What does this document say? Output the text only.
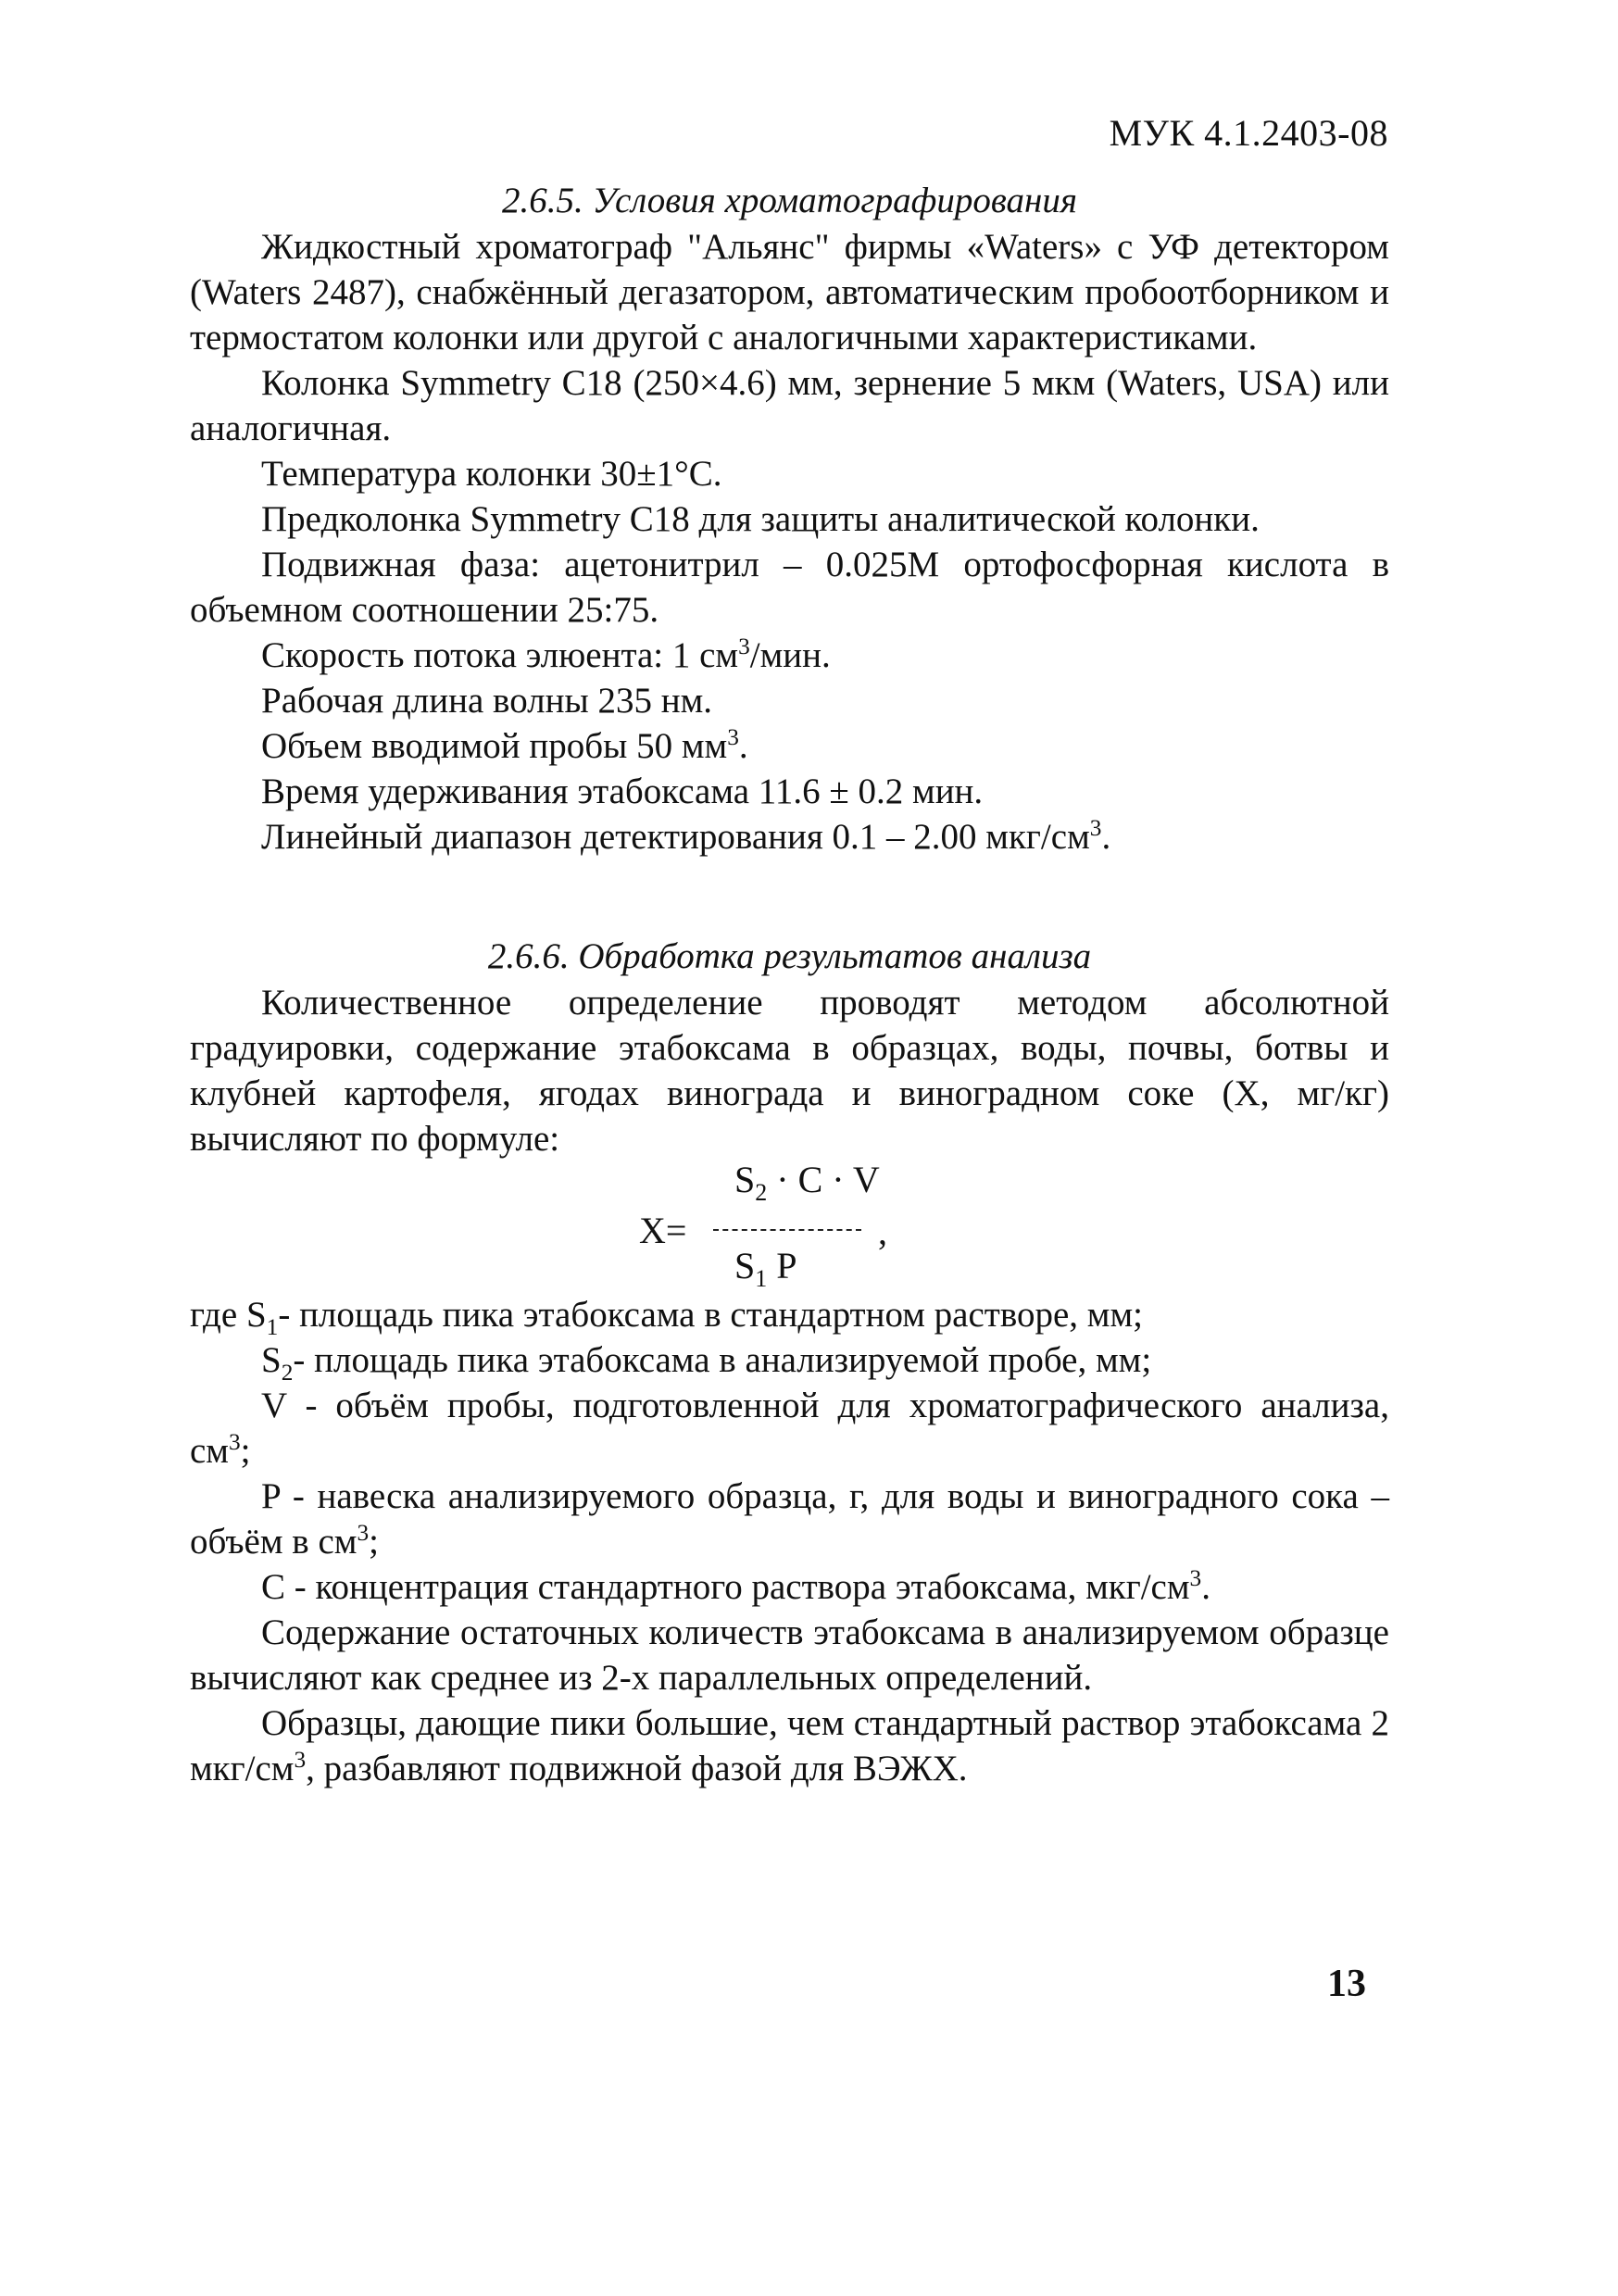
МУК 4.1.2403-08

2.6.5. Условия хроматографирования

Жидкостный хроматограф "Альянс" фирмы «Waters» с УФ детектором (Waters 2487), снабжённый дегазатором, автоматическим пробоотборником и термостатом колонки или другой с аналогичными характеристиками.

Колонка Symmetry C18 (250×4.6) мм, зернение 5 мкм (Waters, USA) или аналогичная.

Температура колонки 30±1°С.

Предколонка Symmetry C18 для защиты аналитической колонки.

Подвижная фаза: ацетонитрил – 0.025М ортофосфорная кислота в объемном соотношении 25:75.

Скорость потока элюента: 1 $см^3$/мин.

Рабочая длина волны 235 нм.

Объем вводимой пробы 50 $мм^3$.

Время удерживания этабоксама 11.6 ± 0.2 мин.

Линейный диапазон детектирования 0.1 – 2.00 мкг/$см^3$.

2.6.6. Обработка результатов анализа

Количественное определение проводят методом абсолютной градуировки, содержание этабоксама в образцах, воды, почвы, ботвы и клубней картофеля, ягодах винограда и виноградном соке (X, мг/кг) вычисляют по формуле:

$S_2 \cdot C \cdot V$
X=	,
$S_1$ P

где $S_1-$ площадь пика этабоксама в стандартном растворе, мм;

$S_2-$ площадь пика этабоксама в анализируемой пробе, мм;

V - объём пробы, подготовленной для хроматографического анализа, $см^3$;

P - навеска анализируемого образца, г, для воды и виноградного сока – объём в $см^3$;

C - концентрация стандартного раствора этабоксама, мкг/$см^3$.

Содержание остаточных количеств этабоксама в анализируемом образце вычисляют как среднее из 2-х параллельных определений.

Образцы, дающие пики большие, чем стандартный раствор этабоксама 2 мкг/$см^3$, разбавляют подвижной фазой для ВЭЖХ.

13
